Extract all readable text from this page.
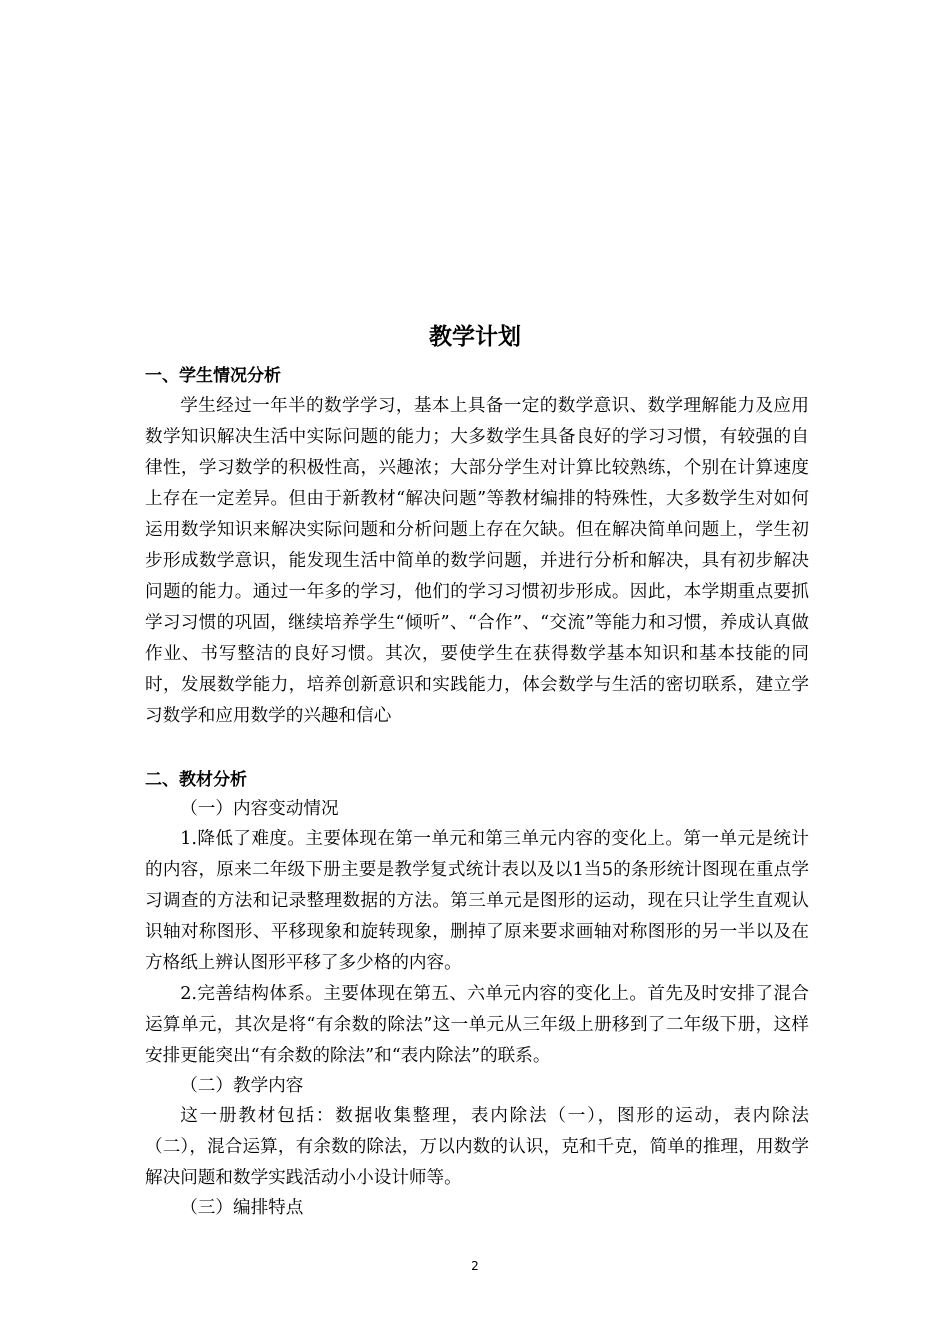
教学计划

一、学生情况分析

学生经过一年半的数学学习，基本上具备一定的数学意识、数学理解能力及应用数学知识解决生活中实际问题的能力；大多数学生具备良好的学习习惯，有较强的自律性，学习数学的积极性高，兴趣浓；大部分学生对计算比较熟练，个别在计算速度上存在一定差异。但由于新教材“解决问题”等教材编排的特殊性，大多数学生对如何运用数学知识来解决实际问题和分析问题上存在欠缺。但在解决简单问题上，学生初步形成数学意识，能发现生活中简单的数学问题，并进行分析和解决，具有初步解决问题的能力。通过一年多的学习，他们的学习习惯初步形成。因此，本学期重点要抓学习习惯的巩固，继续培养学生“倾听”、“合作”、“交流”等能力和习惯，养成认真做作业、书写整洁的良好习惯。其次，要使学生在获得数学基本知识和基本技能的同时，发展数学能力，培养创新意识和实践能力，体会数学与生活的密切联系，建立学习数学和应用数学的兴趣和信心

二、教材分析

（一）内容变动情况

1.降低了难度。主要体现在第一单元和第三单元内容的变化上。第一单元是统计的内容，原来二年级下册主要是教学复式统计表以及以1当5的条形统计图现在重点学习调查的方法和记录整理数据的方法。第三单元是图形的运动，现在只让学生直观认识轴对称图形、平移现象和旋转现象，删掉了原来要求画轴对称图形的另一半以及在方格纸上辨认图形平移了多少格的内容。

2.完善结构体系。主要体现在第五、六单元内容的变化上。首先及时安排了混合运算单元，其次是将“有余数的除法”这一单元从三年级上册移到了二年级下册，这样安排更能突出“有余数的除法”和“表内除法”的联系。

（二）教学内容

这一册教材包括：数据收集整理，表内除法（一），图形的运动，表内除法（二），混合运算，有余数的除法，万以内数的认识，克和千克，简单的推理，用数学解决问题和数学实践活动小小设计师等。

（三）编排特点

2
